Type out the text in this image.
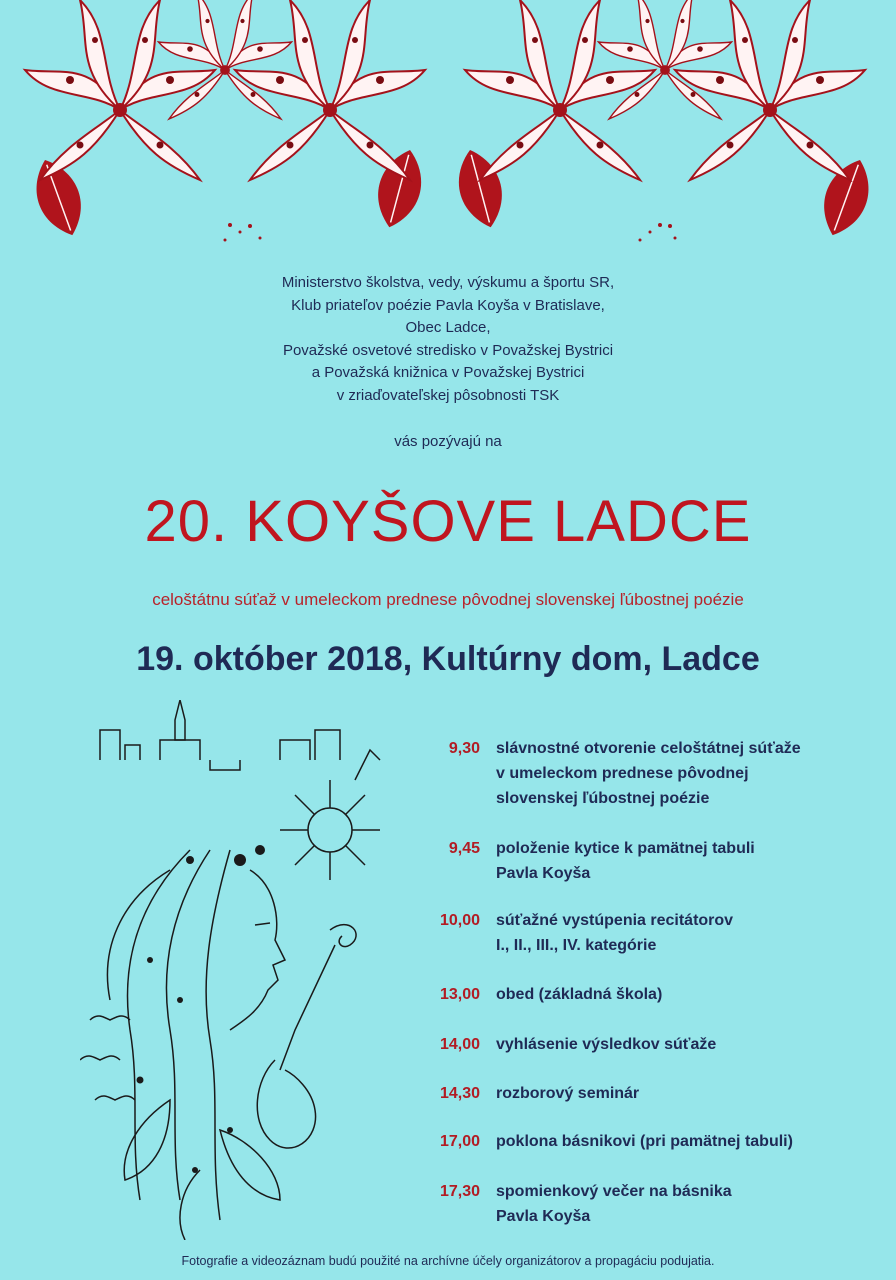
Ministerstvo školstva, vedy, výskumu a športu SR,
Klub priateľov poézie Pavla Koyša v Bratislave,
Obec Ladce,
Považské osvetové stredisko v Považskej Bystrici
a Považská knižnica v Považskej Bystrici
v zriaďovateľskej pôsobnosti TSK
vás pozývajú na
20. KOYŠOVE LADCE
celoštátnu súťaž v umeleckom prednese pôvodnej slovenskej ľúbostnej poézie
19. október 2018, Kultúrny dom, Ladce
9,30	slávnostné otvorenie celoštátnej súťaže
v umeleckom prednese pôvodnej
slovenskej ľúbostnej poézie
9,45	položenie kytice k pamätnej tabuli
Pavla Koyša
10,00	súťažné vystúpenia recitátorov
I., II., III., IV. kategórie
13,00	obed (základná škola)
14,00	vyhlásenie výsledkov súťaže
14,30	rozborový seminár
17,00	poklona básnikovi (pri pamätnej tabuli)
17,30	spomienkový večer na básnika
Pavla Koyša
Fotografie a videozáznam budú použité na archívne účely organizátorov a propagáciu podujatia.
